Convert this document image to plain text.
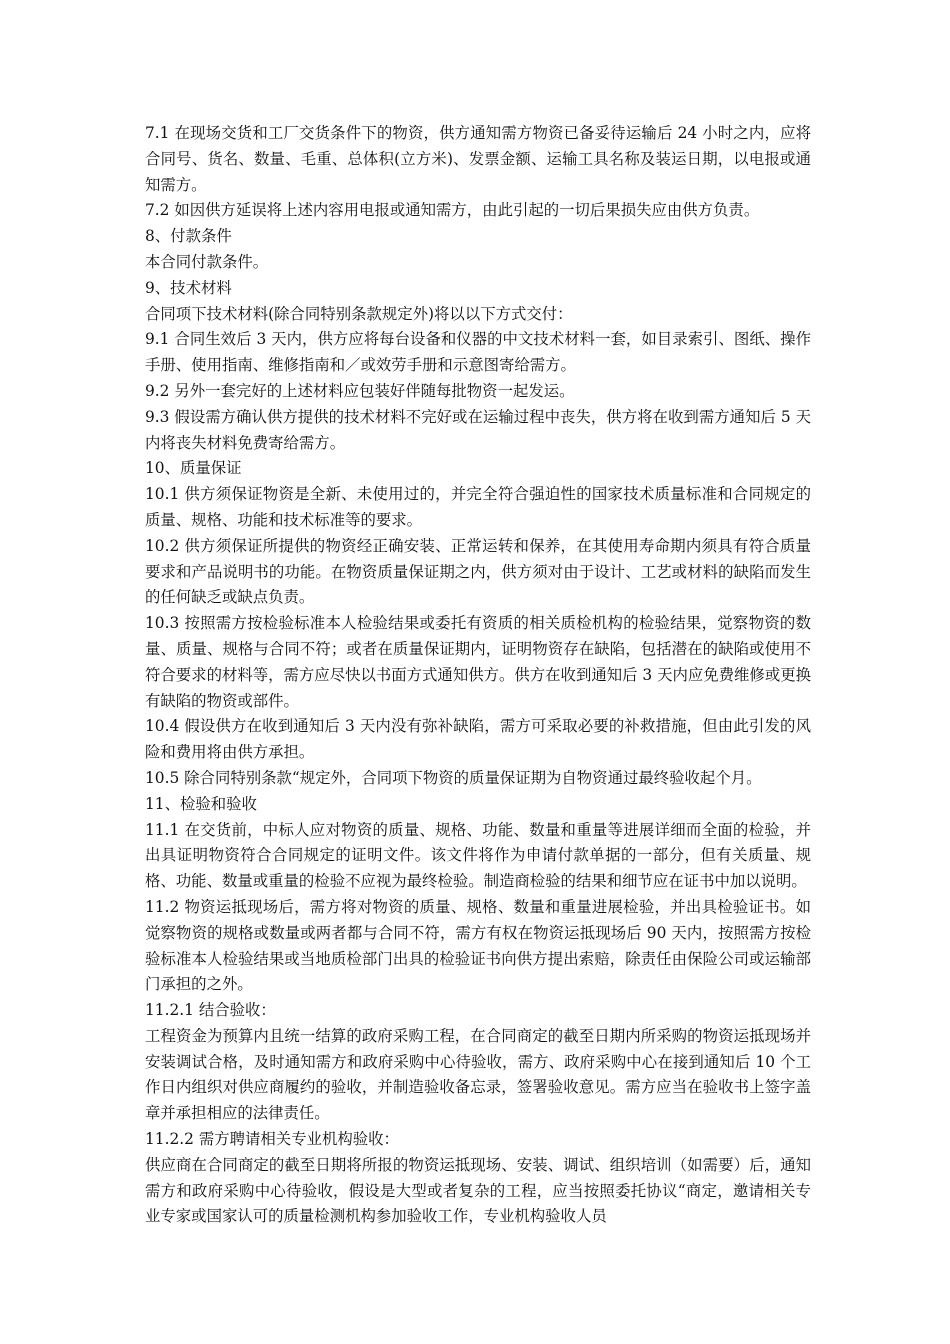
7.1 在现场交货和工厂交货条件下的物资，供方通知需方物资已备妥待运输后 24 小时之内，应将合同号、货名、数量、毛重、总体积(立方米)、发票金额、运输工具名称及装运日期，以电报或通知需方。

7.2 如因供方延误将上述内容用电报或通知需方，由此引起的一切后果损失应由供方负责。

8、付款条件

本合同付款条件。

9、技术材料

合同项下技术材料(除合同特别条款规定外)将以以下方式交付：

9.1 合同生效后 3 天内，供方应将每台设备和仪器的中文技术材料一套，如目录索引、图纸、操作手册、使用指南、维修指南和／或效劳手册和示意图寄给需方。

9.2 另外一套完好的上述材料应包装好伴随每批物资一起发运。

9.3 假设需方确认供方提供的技术材料不完好或在运输过程中丧失，供方将在收到需方通知后 5 天内将丧失材料免费寄给需方。

10、质量保证

10.1 供方须保证物资是全新、未使用过的，并完全符合强迫性的国家技术质量标准和合同规定的质量、规格、功能和技术标准等的要求。

10.2 供方须保证所提供的物资经正确安装、正常运转和保养，在其使用寿命期内须具有符合质量要求和产品说明书的功能。在物资质量保证期之内，供方须对由于设计、工艺或材料的缺陷而发生的任何缺乏或缺点负责。

10.3 按照需方按检验标准本人检验结果或委托有资质的相关质检机构的检验结果，觉察物资的数量、质量、规格与合同不符；或者在质量保证期内，证明物资存在缺陷，包括潜在的缺陷或使用不符合要求的材料等，需方应尽快以书面方式通知供方。供方在收到通知后 3 天内应免费维修或更换有缺陷的物资或部件。

10.4 假设供方在收到通知后 3 天内没有弥补缺陷，需方可采取必要的补救措施，但由此引发的风险和费用将由供方承担。

10.5 除合同特别条款“规定外，合同项下物资的质量保证期为自物资通过最终验收起个月。

11、检验和验收

11.1 在交货前，中标人应对物资的质量、规格、功能、数量和重量等进展详细而全面的检验，并出具证明物资符合合同规定的证明文件。该文件将作为申请付款单据的一部分，但有关质量、规格、功能、数量或重量的检验不应视为最终检验。制造商检验的结果和细节应在证书中加以说明。

11.2 物资运抵现场后，需方将对物资的质量、规格、数量和重量进展检验，并出具检验证书。如觉察物资的规格或数量或两者都与合同不符，需方有权在物资运抵现场后 90 天内，按照需方按检验标准本人检验结果或当地质检部门出具的检验证书向供方提出索赔，除责任由保险公司或运输部门承担的之外。

11.2.1 结合验收：

工程资金为预算内且统一结算的政府采购工程，在合同商定的截至日期内所采购的物资运抵现场并安装调试合格，及时通知需方和政府采购中心待验收，需方、政府采购中心在接到通知后 10 个工作日内组织对供应商履约的验收，并制造验收备忘录，签署验收意见。需方应当在验收书上签字盖章并承担相应的法律责任。

11.2.2 需方聘请相关专业机构验收：

供应商在合同商定的截至日期将所报的物资运抵现场、安装、调试、组织培训（如需要）后，通知需方和政府采购中心待验收，假设是大型或者复杂的工程，应当按照委托协议“商定，邀请相关专业专家或国家认可的质量检测机构参加验收工作，专业机构验收人员
